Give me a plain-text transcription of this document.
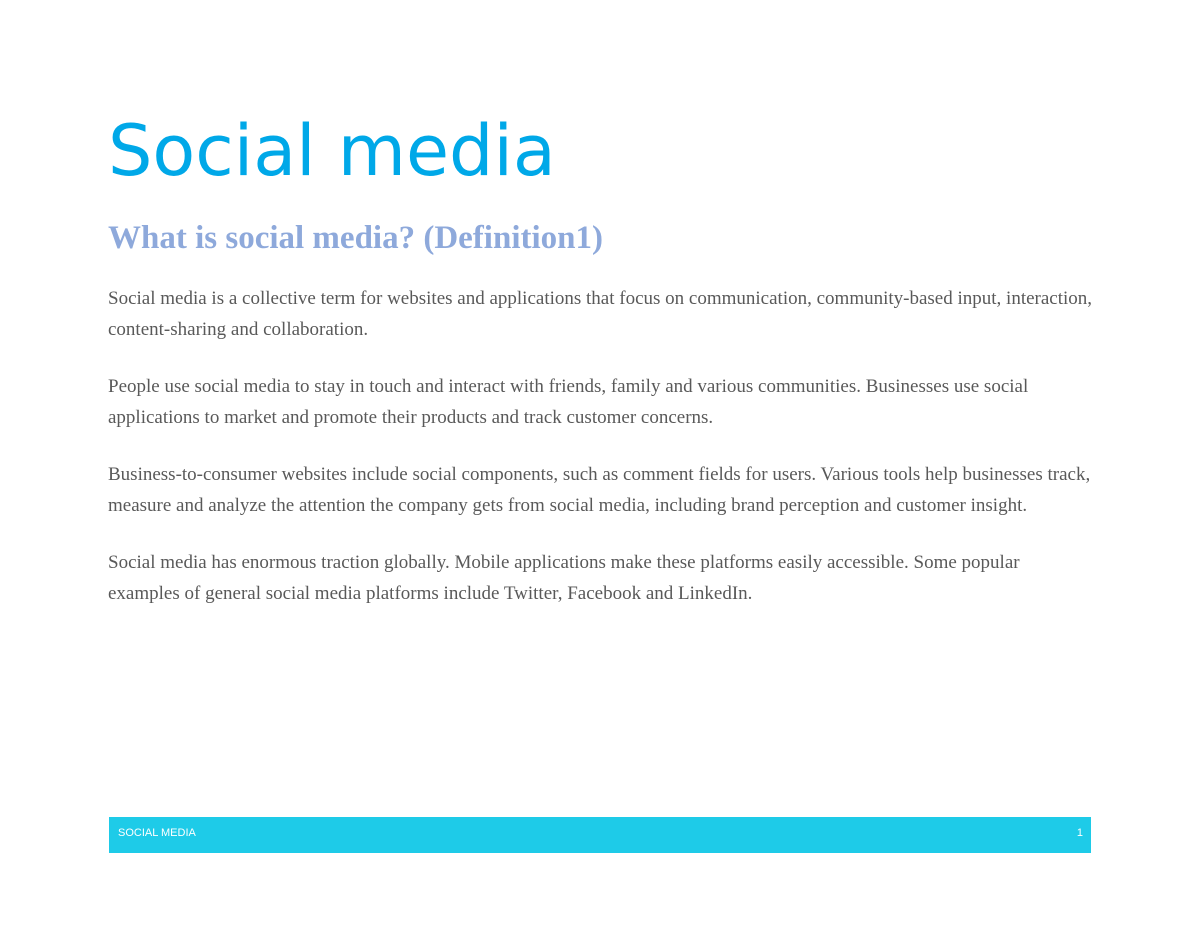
Social media
What is social media? (Definition1)

Social media is a collective term for websites and applications that focus on communication, community-based input, interaction, content-sharing and collaboration.

People use social media to stay in touch and interact with friends, family and various communities. Businesses use social applications to market and promote their products and track customer concerns.

Business-to-consumer websites include social components, such as comment fields for users. Various tools help businesses track, measure and analyze the attention the company gets from social media, including brand perception and customer insight.

Social media has enormous traction globally. Mobile applications make these platforms easily accessible. Some popular examples of general social media platforms include Twitter, Facebook and LinkedIn.

SOCIAL MEDIA	1
